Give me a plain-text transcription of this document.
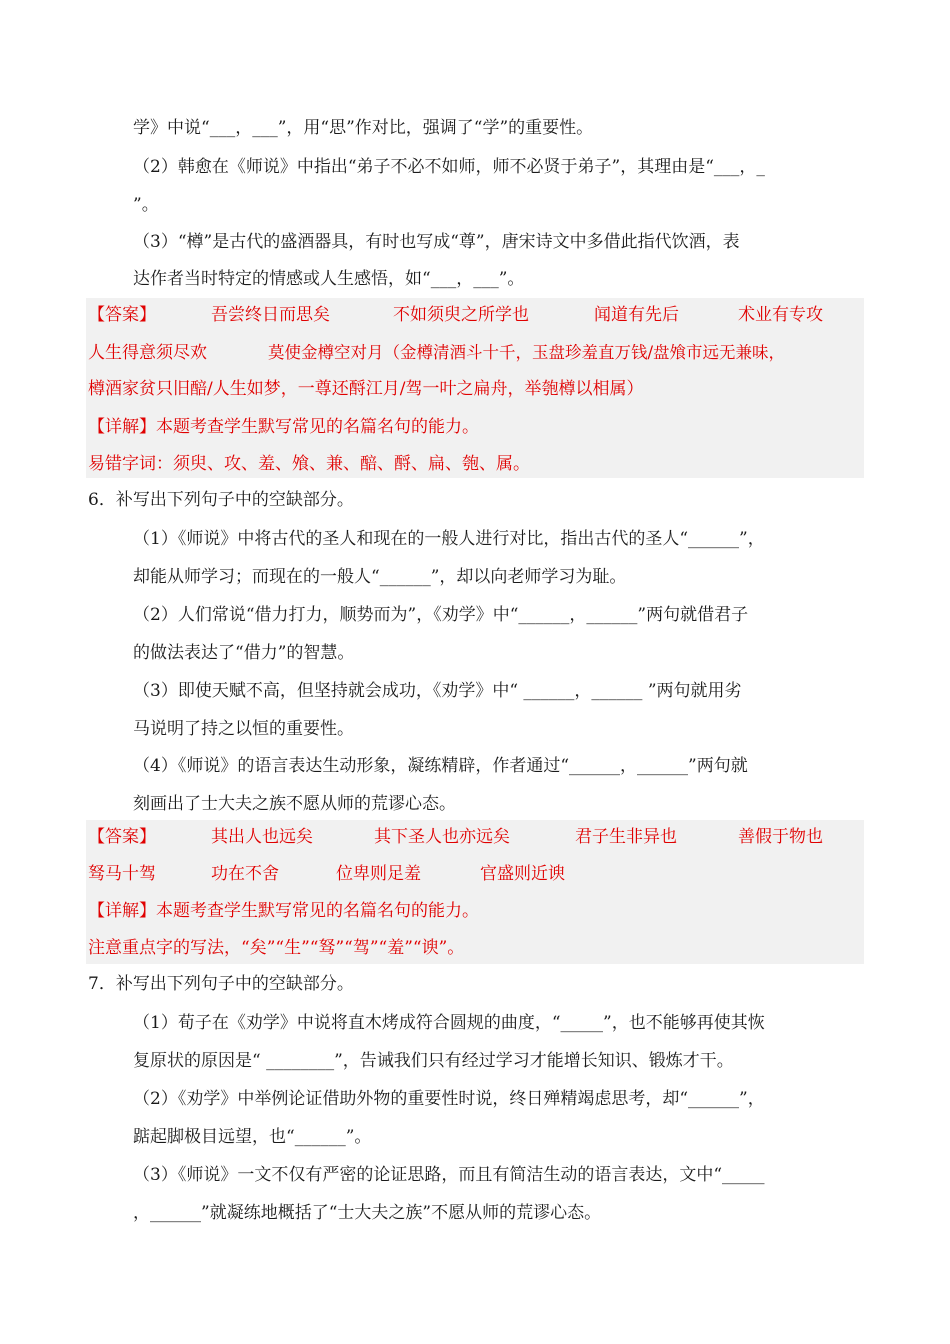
学》中说“___，___”，用“思”作对比，强调了“学”的重要性。
（2）韩愈在《师说》中指出“弟子不必不如师，师不必贤于弟子”，其理由是“___，_
”。
（3）“樽”是古代的盛酒器具，有时也写成“尊”，唐宋诗文中多借此指代饮酒，表
达作者当时特定的情感或人生感悟，如“___，___”。
【答案】	吾尝终日而思矣	不如须臾之所学也	闻道有先后	术业有专攻
人生得意须尽欢	莫使金樽空对月（金樽清酒斗十千，玉盘珍羞直万钱/盘飧市远无兼味，
樽酒家贫只旧醅/人生如梦，一尊还酹江月/驾一叶之扁舟，举匏樽以相属）
【详解】本题考查学生默写常见的名篇名句的能力。
易错字词：须臾、攻、羞、飧、兼、醅、酹、扁、匏、属。
6．补写出下列句子中的空缺部分。
（1）《师说》中将古代的圣人和现在的一般人进行对比，指出古代的圣人“______”，
却能从师学习；而现在的一般人“______”，却以向老师学习为耻。
（2）人们常说“借力打力，顺势而为”，《劝学》中“______，______”两句就借君子
的做法表达了“借力”的智慧。
（3）即使天赋不高，但坚持就会成功，《劝学》中“ ______，______ ”两句就用劣
马说明了持之以恒的重要性。
（4）《师说》的语言表达生动形象，凝练精辟，作者通过“______，______”两句就
刻画出了士大夫之族不愿从师的荒谬心态。
【答案】	其出人也远矣	其下圣人也亦远矣	君子生非异也	善假于物也
驽马十驾	功在不舍	位卑则足羞	官盛则近谀
【详解】本题考查学生默写常见的名篇名句的能力。
注意重点字的写法，“矣”“生”“驽”“驾”“羞”“谀”。
7．补写出下列句子中的空缺部分。
（1）荀子在《劝学》中说将直木烤成符合圆规的曲度，“_____”，也不能够再使其恢
复原状的原因是“ ________”，告诫我们只有经过学习才能增长知识、锻炼才干。
（2）《劝学》中举例论证借助外物的重要性时说，终日殚精竭虑思考，却“______”，
踮起脚极目远望，也“______”。
（3）《师说》一文不仅有严密的论证思路，而且有简洁生动的语言表达，文中“_____
，______”就凝练地概括了“士大夫之族”不愿从师的荒谬心态。
